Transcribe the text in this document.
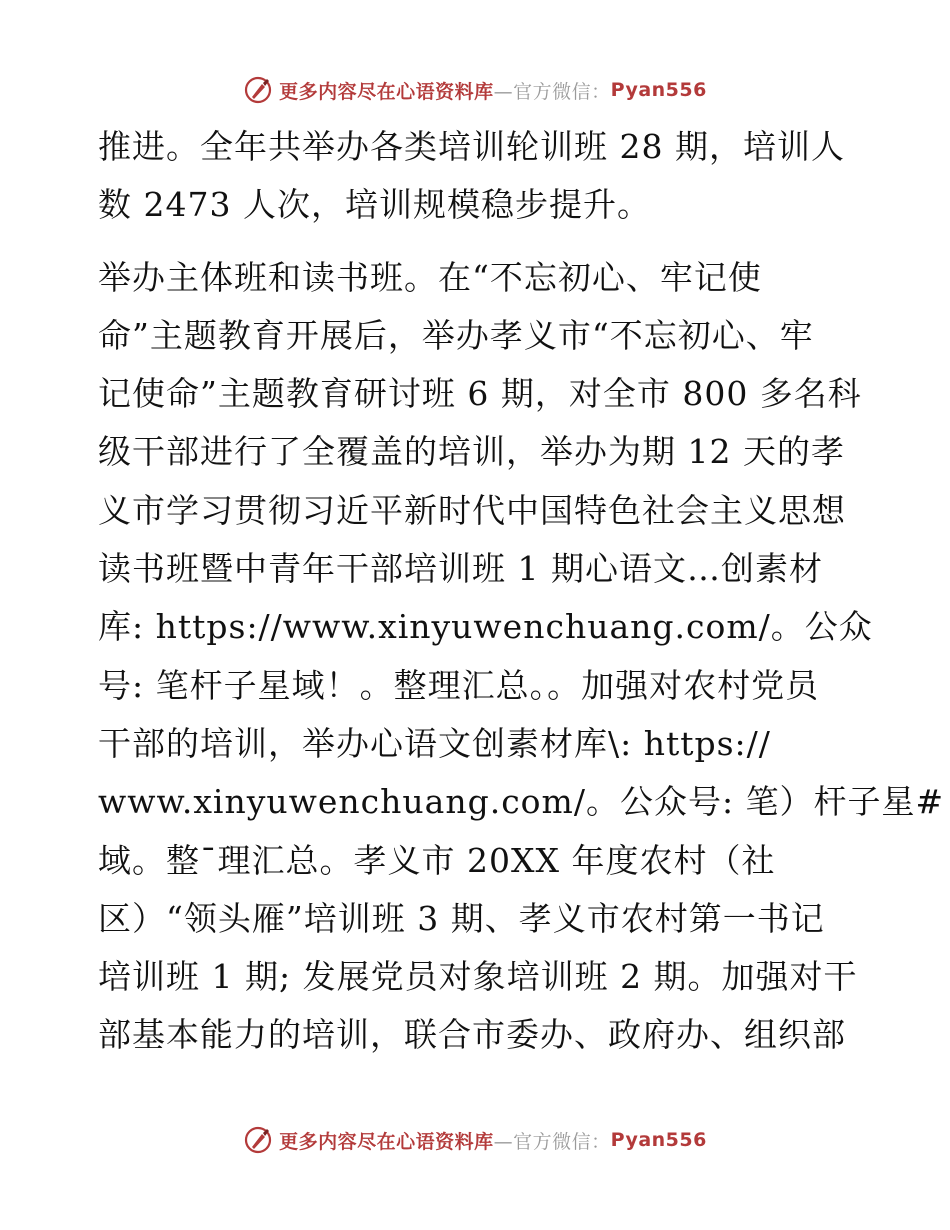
更多内容尽在心语资料库 —官方微信： Pyan556
推进。全年共举办各类培训轮训班 28 期，培训人
数 2473 人次，培训规模稳步提升。
举办主体班和读书班。在“不忘初心、牢记使
命”主题教育开展后，举办孝义市“不忘初心、牢
记使命”主题教育研讨班 6 期，对全市 800 多名科
级干部进行了全覆盖的培训，举办为期 12 天的孝
义市学习贯彻习近平新时代中国特色社会主义思想
读书班暨中青年干部培训班 1 期心语文…创素材
库: https://www.xinyuwenchuang.com/。公众
号: 笔杆子星域！。整理汇总。。加强对农村党员
干部的培训，举办心语文创素材库\: https://
www.xinyuwenchuang.com/。公众号: 笔）杆子星#
域。整¯理汇总。孝义市 20XX 年度农村（社
区）“领头雁”培训班 3 期、孝义市农村第一书记
培训班 1 期; 发展党员对象培训班 2 期。加强对干
部基本能力的培训，联合市委办、政府办、组织部
更多内容尽在心语资料库 —官方微信： Pyan556
